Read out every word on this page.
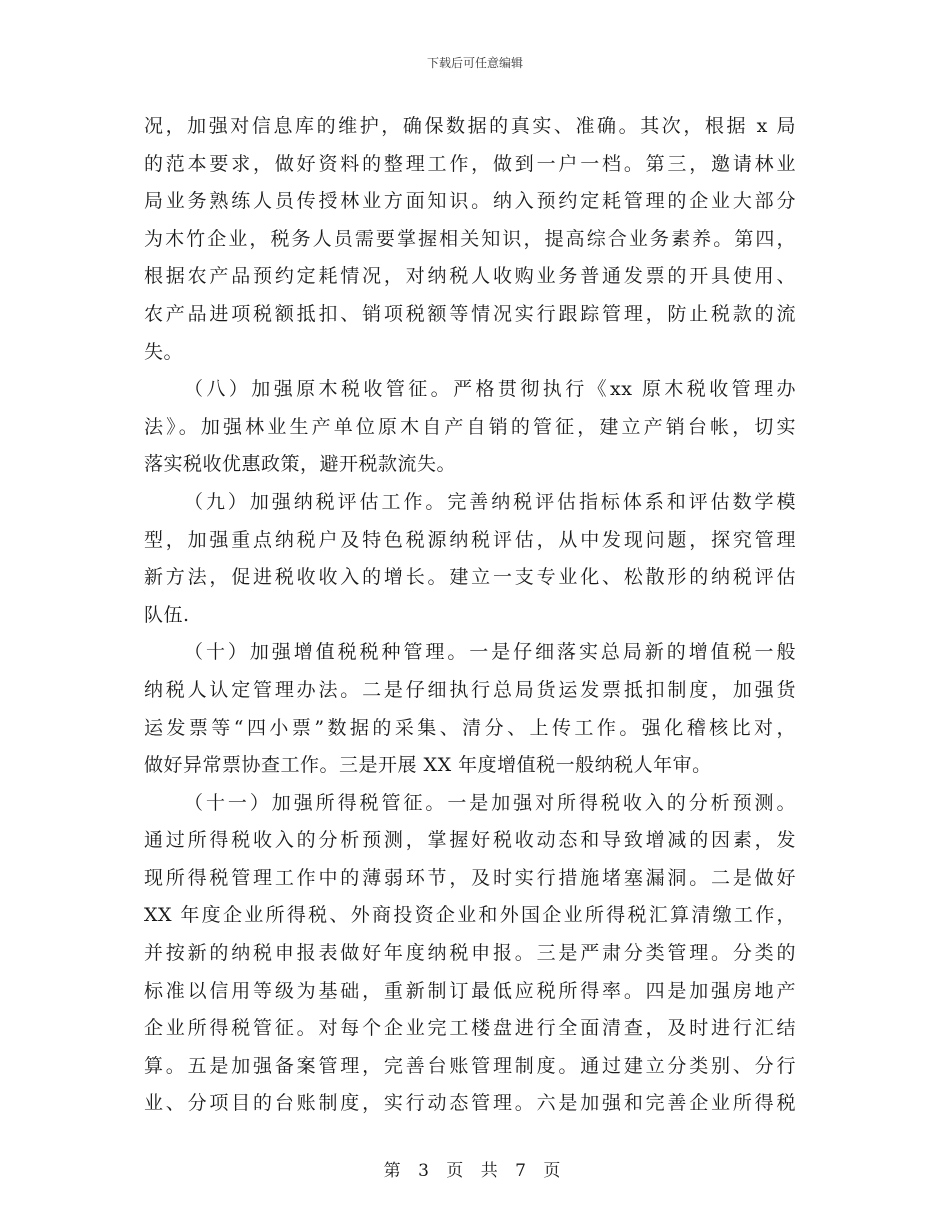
下载后可任意编辑
况，加强对信息库的维护，确保数据的真实、准确。其次，根据 x 局
的范本要求，做好资料的整理工作，做到一户一档。第三，邀请林业
局业务熟练人员传授林业方面知识。纳入预约定耗管理的企业大部分
为木竹企业，税务人员需要掌握相关知识，提高综合业务素养。第四，
根据农产品预约定耗情况，对纳税人收购业务普通发票的开具使用、
农产品进项税额抵扣、销项税额等情况实行跟踪管理，防止税款的流
失。
（八）加强原木税收管征。严格贯彻执行《xx 原木税收管理办
法》。加强林业生产单位原木自产自销的管征，建立产销台帐，切实
落实税收优惠政策，避开税款流失。
（九）加强纳税评估工作。完善纳税评估指标体系和评估数学模
型，加强重点纳税户及特色税源纳税评估，从中发现问题，探究管理
新方法，促进税收收入的增长。建立一支专业化、松散形的纳税评估
队伍.
（十）加强增值税税种管理。一是仔细落实总局新的增值税一般
纳税人认定管理办法。二是仔细执行总局货运发票抵扣制度，加强货
运发票等“四小票”数据的采集、清分、上传工作。强化稽核比对，
做好异常票协查工作。三是开展 XX 年度增值税一般纳税人年审。
（十一）加强所得税管征。一是加强对所得税收入的分析预测。
通过所得税收入的分析预测，掌握好税收动态和导致增减的因素，发
现所得税管理工作中的薄弱环节，及时实行措施堵塞漏洞。二是做好
XX 年度企业所得税、外商投资企业和外国企业所得税汇算清缴工作，
并按新的纳税申报表做好年度纳税申报。三是严肃分类管理。分类的
标准以信用等级为基础，重新制订最低应税所得率。四是加强房地产
企业所得税管征。对每个企业完工楼盘进行全面清查，及时进行汇结
算。五是加强备案管理，完善台账管理制度。通过建立分类别、分行
业、分项目的台账制度，实行动态管理。六是加强和完善企业所得税
第 3 页 共 7 页
